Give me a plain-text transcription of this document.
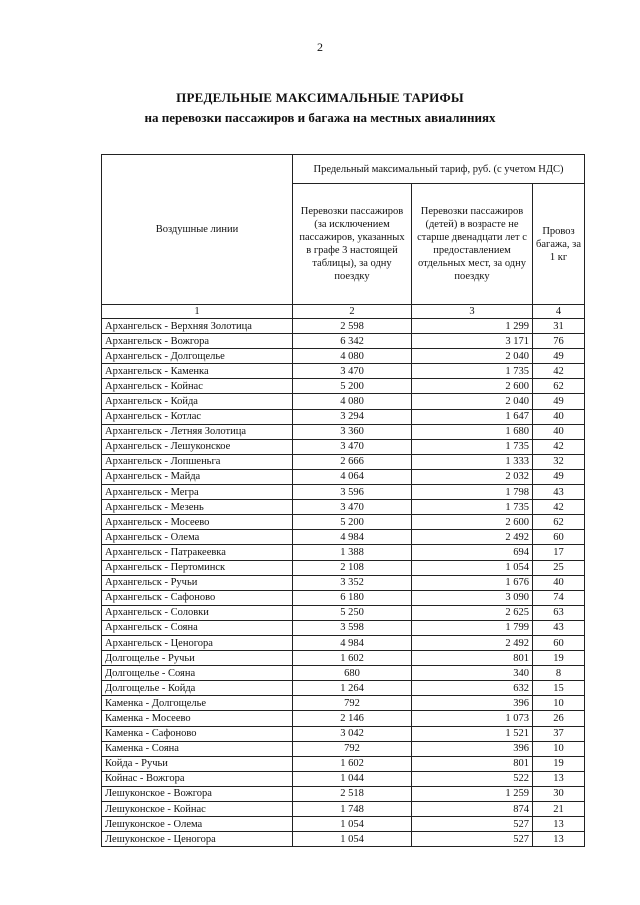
2
ПРЕДЕЛЬНЫЕ МАКСИМАЛЬНЫЕ ТАРИФЫ
на перевозки пассажиров и багажа на местных авиалиниях
Воздушные линии	Предельный максимальный тариф, руб. (с учетом НДС)		
	Перевозки пассажиров (за исключением пассажиров, указанных в графе 3 настоящей таблицы), за одну поездку	Перевозки пассажиров (детей) в возрасте не старше двенадцати лет с предоставлением отдельных мест, за одну поездку	Провоз багажа, за 1 кг
1	2	3	4
Архангельск - Верхняя Золотица	2 598	1 299	31
Архангельск - Вожгора	6 342	3 171	76
Архангельск - Долгощелье	4 080	2 040	49
Архангельск - Каменка	3 470	1 735	42
Архангельск - Койнас	5 200	2 600	62
Архангельск - Койда	4 080	2 040	49
Архангельск - Котлас	3 294	1 647	40
Архангельск - Летняя Золотица	3 360	1 680	40
Архангельск - Лешуконское	3 470	1 735	42
Архангельск - Лопшеньга	2 666	1 333	32
Архангельск - Майда	4 064	2 032	49
Архангельск - Мегра	3 596	1 798	43
Архангельск - Мезень	3 470	1 735	42
Архангельск - Мосеево	5 200	2 600	62
Архангельск - Олема	4 984	2 492	60
Архангельск - Патракеевка	1 388	694	17
Архангельск - Пертоминск	2 108	1 054	25
Архангельск - Ручьи	3 352	1 676	40
Архангельск - Сафоново	6 180	3 090	74
Архангельск - Соловки	5 250	2 625	63
Архангельск - Сояна	3 598	1 799	43
Архангельск - Ценогора	4 984	2 492	60
Долгощелье - Ручьи	1 602	801	19
Долгощелье - Сояна	680	340	8
Долгощелье - Койда	1 264	632	15
Каменка - Долгощелье	792	396	10
Каменка - Мосеево	2 146	1 073	26
Каменка - Сафоново	3 042	1 521	37
Каменка - Сояна	792	396	10
Койда - Ручьи	1 602	801	19
Койнас - Вожгора	1 044	522	13
Лешуконское - Вожгора	2 518	1 259	30
Лешуконское - Койнас	1 748	874	21
Лешуконское - Олема	1 054	527	13
Лешуконское - Ценогора	1 054	527	13
